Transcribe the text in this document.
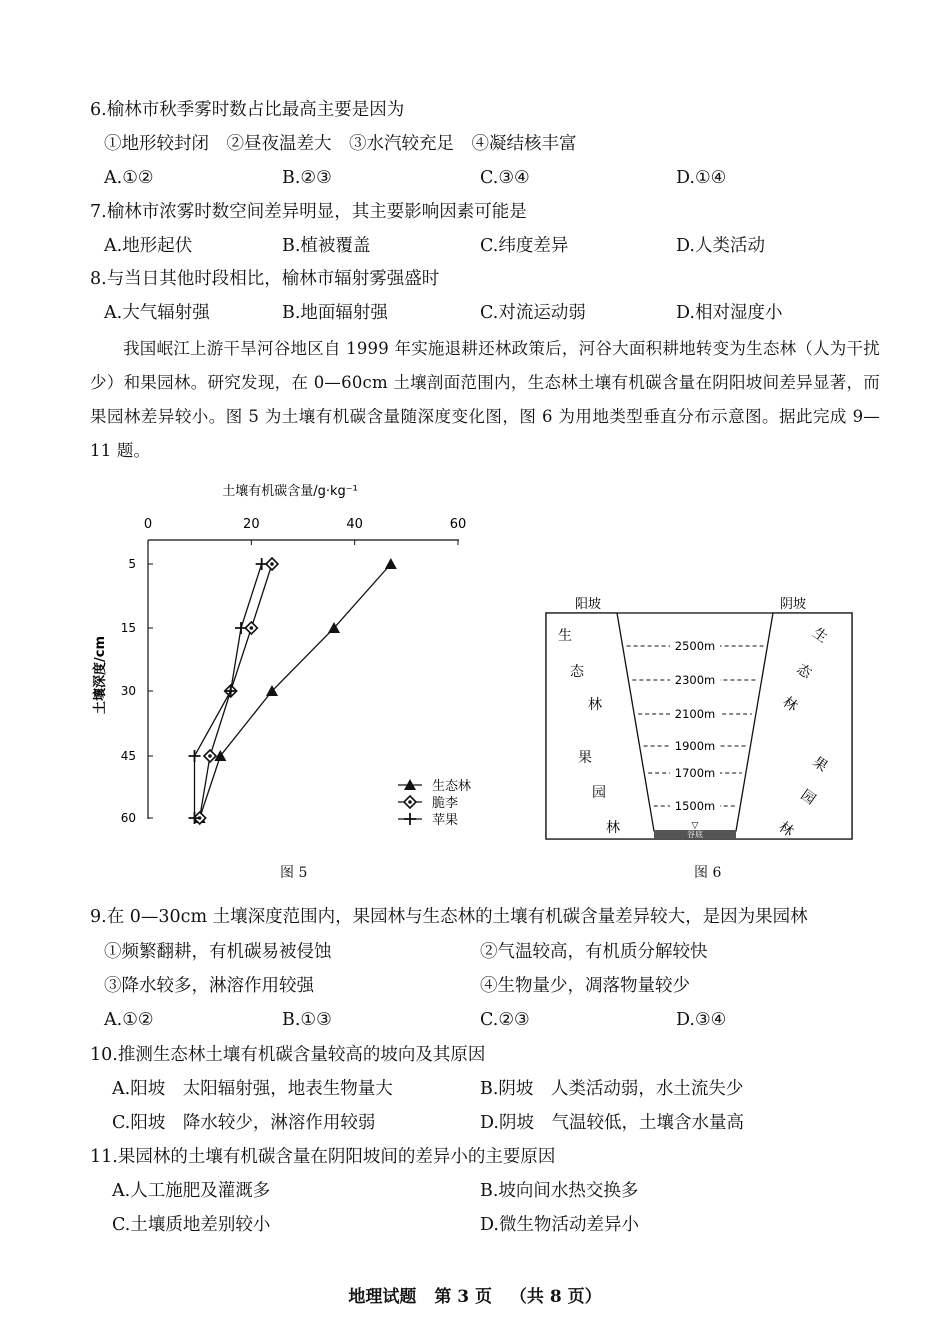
6.榆林市秋季雾时数占比最高主要是因为
①地形较封闭　②昼夜温差大　③水汽较充足　④凝结核丰富
A.①②	B.②③	C.③④	D.①④
7.榆林市浓雾时数空间差异明显，其主要影响因素可能是
A.地形起伏	B.植被覆盖	C.纬度差异	D.人类活动
8.与当日其他时段相比，榆林市辐射雾强盛时
A.大气辐射强	B.地面辐射强	C.对流运动弱	D.相对湿度小
我国岷江上游干旱河谷地区自 1999 年实施退耕还林政策后，河谷大面积耕地转变为生态林（人为干扰少）和果园林。研究发现，在 0—60cm 土壤剖面范围内，生态林土壤有机碳含量在阴阳坡间差异显著，而果园林差异较小。图 5 为土壤有机碳含量随深度变化图，图 6 为用地类型垂直分布示意图。据此完成 9—11 题。
土壤有机碳含量/g·kg⁻¹
0	20	40	60
5
15
30
45
60
土壤深度/cm
生态林
脆李
苹果
图 5
阳坡	阴坡
谷底
▽
2500m
2300m
2100m
1900m
1700m
1500m
生
态
林
果
园
林
生
态
林
果
园
林
图 6
9.在 0—30cm 土壤深度范围内，果园林与生态林的土壤有机碳含量差异较大，是因为果园林
①频繁翻耕，有机碳易被侵蚀	②气温较高，有机质分解较快
③降水较多，淋溶作用较强	④生物量少，凋落物量较少
A.①②	B.①③	C.②③	D.③④
10.推测生态林土壤有机碳含量较高的坡向及其原因
A.阳坡　太阳辐射强，地表生物量大	B.阴坡　人类活动弱，水土流失少
C.阳坡　降水较少，淋溶作用较弱	D.阴坡　气温较低，土壤含水量高
11.果园林的土壤有机碳含量在阴阳坡间的差异小的主要原因
A.人工施肥及灌溉多	B.坡向间水热交换多
C.土壤质地差别较小	D.微生物活动差异小
地理试题 第 3 页 （共 8 页）
